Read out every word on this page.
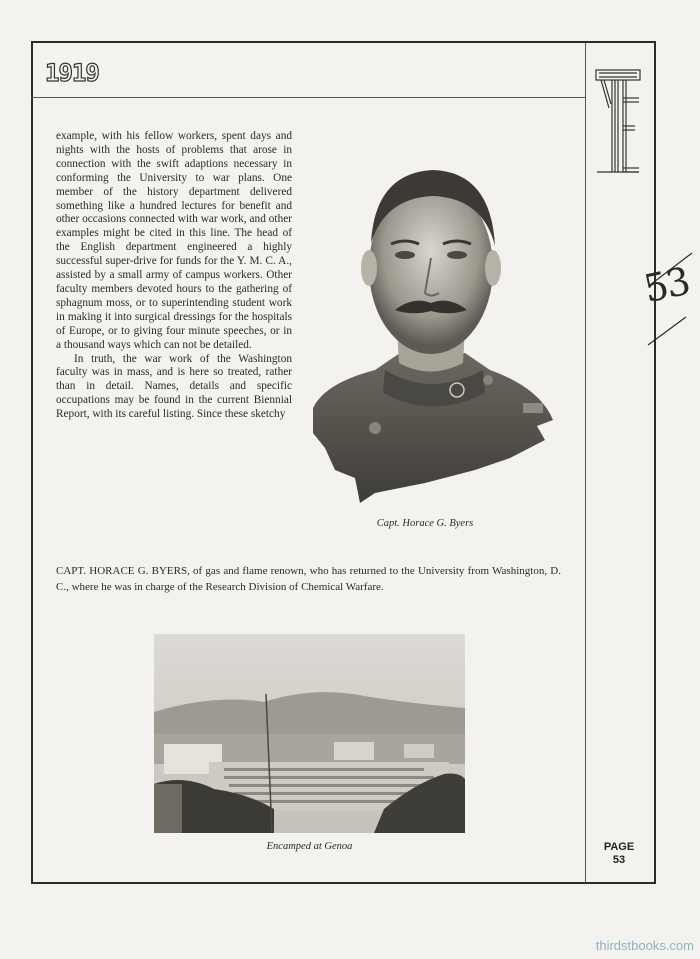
1919

example, with his fellow workers, spent days and nights with the hosts of problems that arose in connection with the swift adaptions necessary in conforming the University to war plans. One member of the history department delivered something like a hundred lectures for benefit and other occasions connected with war work, and other examples might be cited in this line. The head of the English department engineered a highly successful super-drive for funds for the Y. M. C. A., assisted by a small army of campus workers. Other faculty members devoted hours to the gathering of sphagnum moss, or to superintending student work in making it into surgical dressings for the hospitals of Europe, or to giving four minute speeches, or in a thousand ways which can not be detailed.

In truth, the war work of the Washington faculty was in mass, and is here so treated, rather than in detail. Names, details and specific occupations may be found in the current Biennial Report, with its careful listing. Since these sketchy

Capt. Horace G. Byers
CAPT. HORACE G. BYERS, of gas and flame renown, who has returned to the University from Washington, D. C., where he was in charge of the Research Division of Chemical Warfare.
Encamped at Genoa	PAGE
53
53
thirdstbooks.com
